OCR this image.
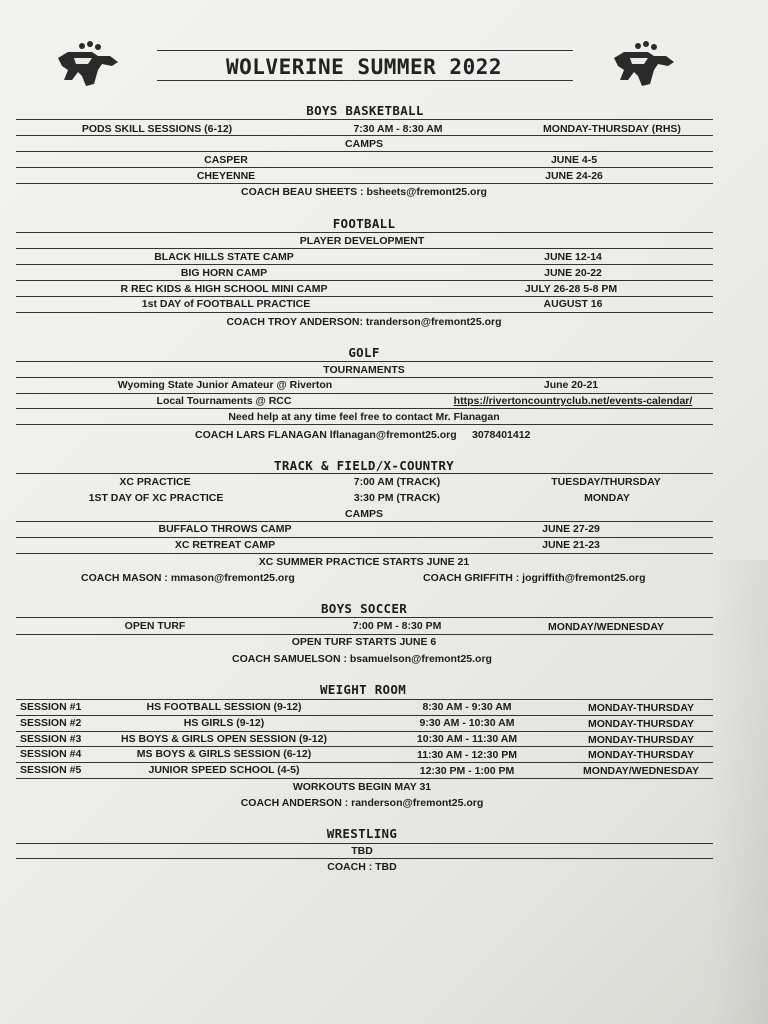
WOLVERINE SUMMER 2022
BOYS BASKETBALL
PODS SKILL SESSIONS (6-12)	7:30 AM - 8:30 AM	MONDAY-THURSDAY (RHS)
CAMPS
CASPER	JUNE 4-5
CHEYENNE	JUNE 24-26
COACH BEAU SHEETS : bsheets@fremont25.org
FOOTBALL
PLAYER DEVELOPMENT
BLACK HILLS STATE CAMP	JUNE 12-14
BIG HORN CAMP	JUNE 20-22
R REC KIDS & HIGH SCHOOL MINI CAMP	JULY 26-28 5-8 PM
1st DAY of FOOTBALL PRACTICE	AUGUST 16
COACH TROY ANDERSON: tranderson@fremont25.org
GOLF
TOURNAMENTS
Wyoming State Junior Amateur @ Riverton	June 20-21
Local Tournaments @ RCC	https://rivertoncountryclub.net/events-calendar/
Need help at any time feel free to contact Mr. Flanagan
COACH LARS FLANAGAN lflanagan@fremont25.org 3078401412
TRACK & FIELD/X-COUNTRY
XC PRACTICE	7:00 AM (TRACK)	TUESDAY/THURSDAY
1ST DAY OF XC PRACTICE	3:30 PM (TRACK)	MONDAY
CAMPS
BUFFALO THROWS CAMP	JUNE 27-29
XC RETREAT CAMP	JUNE 21-23
XC SUMMER PRACTICE STARTS JUNE 21
COACH MASON : mmason@fremont25.org	COACH GRIFFITH : jogriffith@fremont25.org
BOYS SOCCER
OPEN TURF	7:00 PM - 8:30 PM	MONDAY/WEDNESDAY
OPEN TURF STARTS JUNE 6
COACH SAMUELSON : bsamuelson@fremont25.org
WEIGHT ROOM
SESSION #1	HS FOOTBALL SESSION (9-12)	8:30 AM - 9:30 AM	MONDAY-THURSDAY
SESSION #2	HS GIRLS (9-12)	9:30 AM - 10:30 AM	MONDAY-THURSDAY
SESSION #3	HS BOYS & GIRLS OPEN SESSION (9-12)	10:30 AM - 11:30 AM	MONDAY-THURSDAY
SESSION #4	MS BOYS & GIRLS SESSION (6-12)	11:30 AM - 12:30 PM	MONDAY-THURSDAY
SESSION #5	JUNIOR SPEED SCHOOL (4-5)	12:30 PM - 1:00 PM	MONDAY/WEDNESDAY
WORKOUTS BEGIN MAY 31
COACH ANDERSON : randerson@fremont25.org
WRESTLING
TBD
COACH : TBD
